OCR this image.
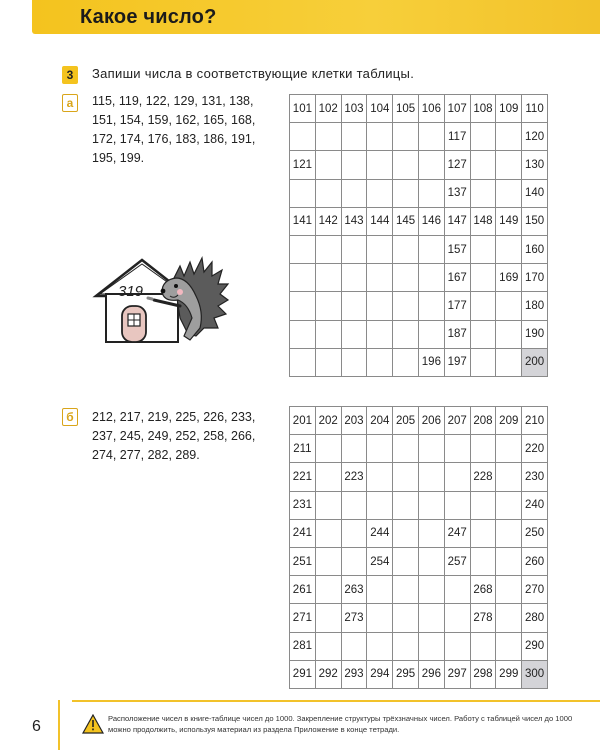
Какое число?
3	Запиши числа в соответствующие клетки таблицы.
а	115, 119, 122, 129, 131, 138,
151, 154, 159, 162, 165, 168,
172, 174, 176, 183, 186, 191,
195, 199.
101	102	103	104	105	106	107	108	109	110
						117			120
121						127			130
						137			140
141	142	143	144	145	146	147	148	149	150
						157			160
						167		169	170
						177			180
						187			190
					196	197			200
319
б	212, 217, 219, 225, 226, 233,
237, 245, 249, 252, 258, 266,
274, 277, 282, 289.
201	202	203	204	205	206	207	208	209	210
211									220
221		223					228		230
231									240
241			244			247			250
251			254			257			260
261		263					268		270
271		273					278		280
281									290
291	292	293	294	295	296	297	298	299	300
6	Расположение чисел в книге-таблице чисел до 1000. Закрепление структуры трёхзначных чисел. Работу с таблицей чисел до 1000 можно продолжить, используя материал из раздела Приложение в конце тетради.
